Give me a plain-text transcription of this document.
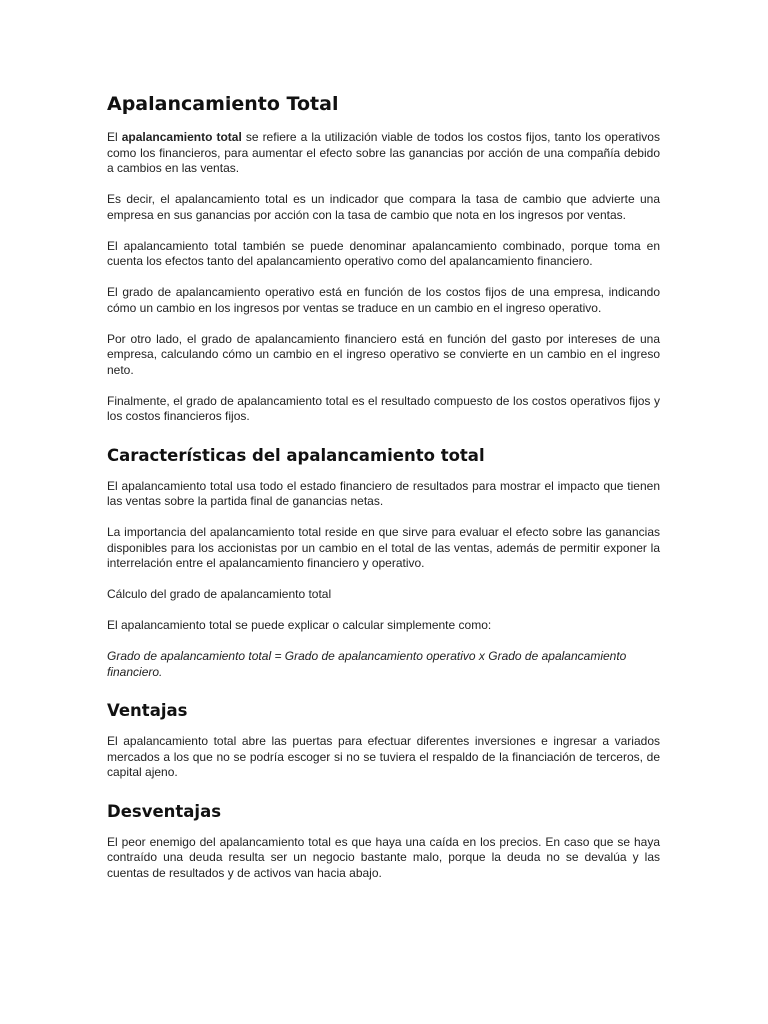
Apalancamiento Total

El apalancamiento total se refiere a la utilización viable de todos los costos fijos, tanto los operativos como los financieros, para aumentar el efecto sobre las ganancias por acción de una compañía debido a cambios en las ventas.

Es decir, el apalancamiento total es un indicador que compara la tasa de cambio que advierte una empresa en sus ganancias por acción con la tasa de cambio que nota en los ingresos por ventas.

El apalancamiento total también se puede denominar apalancamiento combinado, porque toma en cuenta los efectos tanto del apalancamiento operativo como del apalancamiento financiero.

El grado de apalancamiento operativo está en función de los costos fijos de una empresa, indicando cómo un cambio en los ingresos por ventas se traduce en un cambio en el ingreso operativo.

Por otro lado, el grado de apalancamiento financiero está en función del gasto por intereses de una empresa, calculando cómo un cambio en el ingreso operativo se convierte en un cambio en el ingreso neto.

Finalmente, el grado de apalancamiento total es el resultado compuesto de los costos operativos fijos y los costos financieros fijos.

Características del apalancamiento total

El apalancamiento total usa todo el estado financiero de resultados para mostrar el impacto que tienen las ventas sobre la partida final de ganancias netas.

La importancia del apalancamiento total reside en que sirve para evaluar el efecto sobre las ganancias disponibles para los accionistas por un cambio en el total de las ventas, además de permitir exponer la interrelación entre el apalancamiento financiero y operativo.

Cálculo del grado de apalancamiento total

El apalancamiento total se puede explicar o calcular simplemente como:

Grado de apalancamiento total = Grado de apalancamiento operativo x Grado de apalancamiento financiero.

Ventajas

El apalancamiento total abre las puertas para efectuar diferentes inversiones e ingresar a variados mercados a los que no se podría escoger si no se tuviera el respaldo de la financiación de terceros, de capital ajeno.

Desventajas

El peor enemigo del apalancamiento total es que haya una caída en los precios. En caso que se haya contraído una deuda resulta ser un negocio bastante malo, porque la deuda no se devalúa y las cuentas de resultados y de activos van hacia abajo.
